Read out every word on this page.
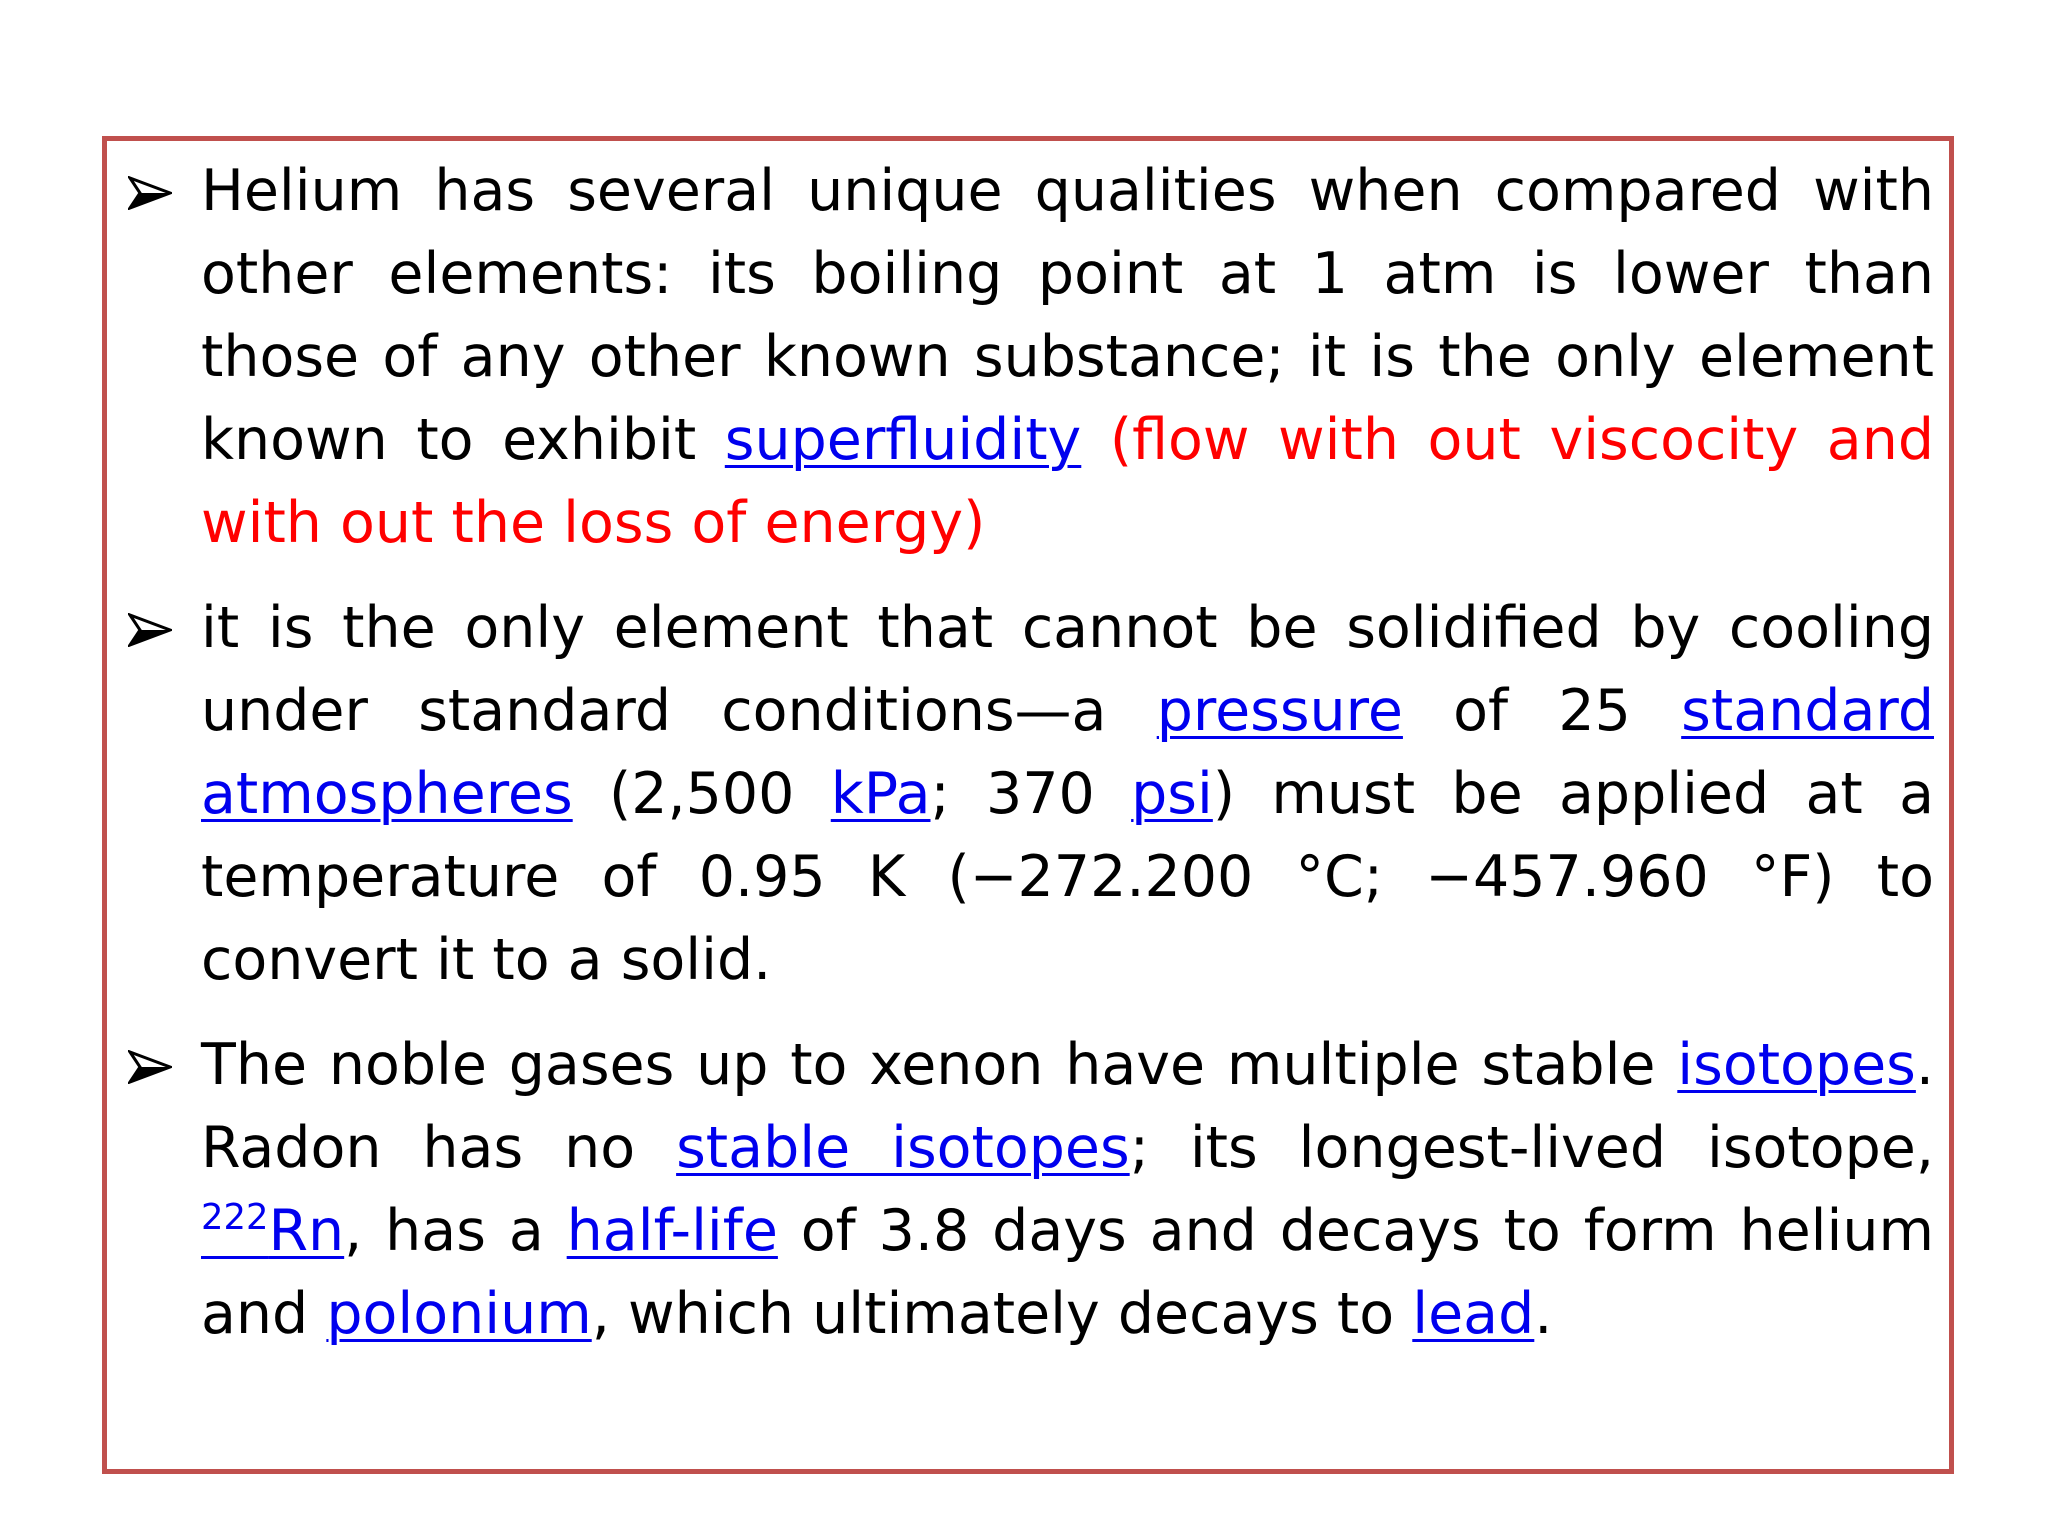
Helium has several unique qualities when compared with other elements: its boiling point at 1 atm is lower than those of any other known substance; it is the only element known to exhibit superfluidity (flow with out viscocity and with out the loss of energy)
it is the only element that cannot be solidified by cooling under standard conditions—a pressure of 25 standard atmospheres (2,500 kPa; 370 psi) must be applied at a temperature of 0.95 K (−272.200 °C; −457.960 °F) to convert it to a solid.
The noble gases up to xenon have multiple stable isotopes. Radon has no stable isotopes; its longest-lived isotope, $^{222}$Rn, has a half-life of 3.8 days and decays to form helium and polonium, which ultimately decays to lead.
